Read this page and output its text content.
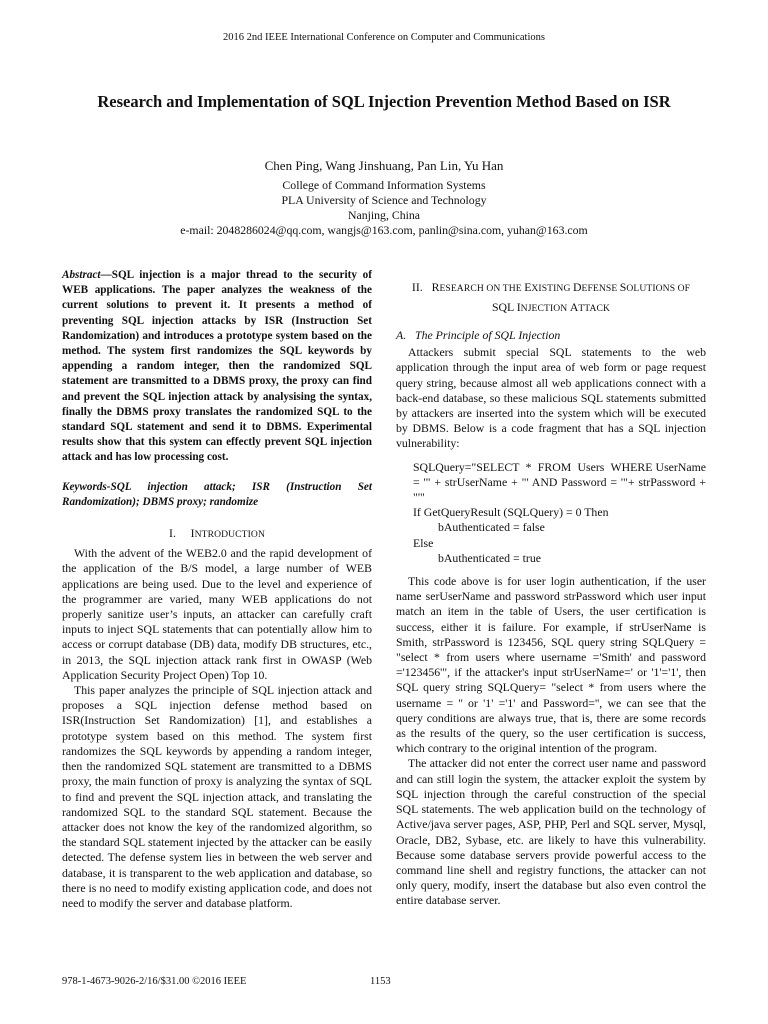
2016 2nd IEEE International Conference on Computer and Communications
Research and Implementation of SQL Injection Prevention Method Based on ISR
Chen Ping, Wang Jinshuang, Pan Lin, Yu Han
College of Command Information Systems
PLA University of Science and Technology
Nanjing, China
e-mail: 2048286024@qq.com, wangjs@163.com, panlin@sina.com, yuhan@163.com

Abstract—SQL injection is a major thread to the security of WEB applications. The paper analyzes the weakness of the current solutions to prevent it. It presents a method of preventing SQL injection attacks by ISR (Instruction Set Randomization) and introduces a prototype system based on the method. The system first randomizes the SQL keywords by appending a random integer, then the randomized SQL statement are transmitted to a DBMS proxy, the proxy can find and prevent the SQL injection attack by analysising the syntax, finally the DBMS proxy translates the randomized SQL to the standard SQL statement and send it to DBMS. Experimental results show that this system can effectly prevent SQL injection attack and has low processing cost.

Keywords-SQL injection attack; ISR (Instruction Set Randomization); DBMS proxy; randomize

I. INTRODUCTION

With the advent of the WEB2.0 and the rapid development of the application of the B/S model, a large number of WEB applications are being used. Due to the level and experience of the programmer are varied, many WEB applications do not properly sanitize user’s inputs, an attacker can carefully craft inputs to inject SQL statements that can potentially allow him to access or corrupt database (DB) data, modify DB structures, etc., in 2013, the SQL injection attack rank first in OWASP (Web Application Security Project Open) Top 10.

This paper analyzes the principle of SQL injection attack and proposes a SQL injection defense method based on ISR(Instruction Set Randomization) [1], and establishes a prototype system based on this method. The system first randomizes the SQL keywords by appending a random integer, then the randomized SQL statement are transmitted to a DBMS proxy, the main function of proxy is analyzing the syntax of SQL to find and prevent the SQL injection attack, and translating the randomized SQL to the standard SQL statement. Because the attacker does not know the key of the randomized algorithm, so the standard SQL statement injected by the attacker can be easily detected. The defense system lies in between the web server and database, it is transparent to the web application and database, so there is no need to modify existing application code, and does not need to modify the server and database platform.

II. RESEARCH ON THE EXISTING DEFENSE SOLUTIONS OF
SQL INJECTION ATTACK
A.   The Principle of SQL Injection

Attackers submit special SQL statements to the web application through the input area of web form or page request query string, because almost all web applications connect with a back-end database, so these malicious SQL statements submitted by attackers are inserted into the system which will be executed by DBMS. Below is a code fragment that has a SQL injection vulnerability:

SQLQuery="SELECT  *  FROM  Users  WHERE UserName = '" + strUserName + "' AND Password = '"+ strPassword + "'"
If GetQueryResult (SQLQuery) = 0 Then
bAuthenticated = false
Else
bAuthenticated = true

This code above is for user login authentication, if the user name serUserName and password strPassword which user input match an item in the table of Users, the user certification is success, either it is failure. For example, if strUserName is Smith, strPassword is 123456, SQL query string SQLQuery = "select * from users where username ='Smith' and password ='123456'", if the attacker's input strUserName=' or '1'='1', then SQL query string SQLQuery= "select * from users where the username = '' or '1' ='1' and Password='', we can see that the query conditions are always true, that is, there are some records as the results of the query, so the user certification is success, which contrary to the original intention of the program.

The attacker did not enter the correct user name and password and can still login the system, the attacker exploit the system by SQL injection through the careful construction of the special SQL statements. The web application build on the technology of Active/java server pages, ASP, PHP, Perl and SQL server, Mysql, Oracle, DB2, Sybase, etc. are likely to have this vulnerability. Because some database servers provide powerful access to the command line shell and registry functions, the attacker can not only query, modify, insert the database but also even control the entire database server.

978-1-4673-9026-2/16/$31.00 ©2016 IEEE	1153
